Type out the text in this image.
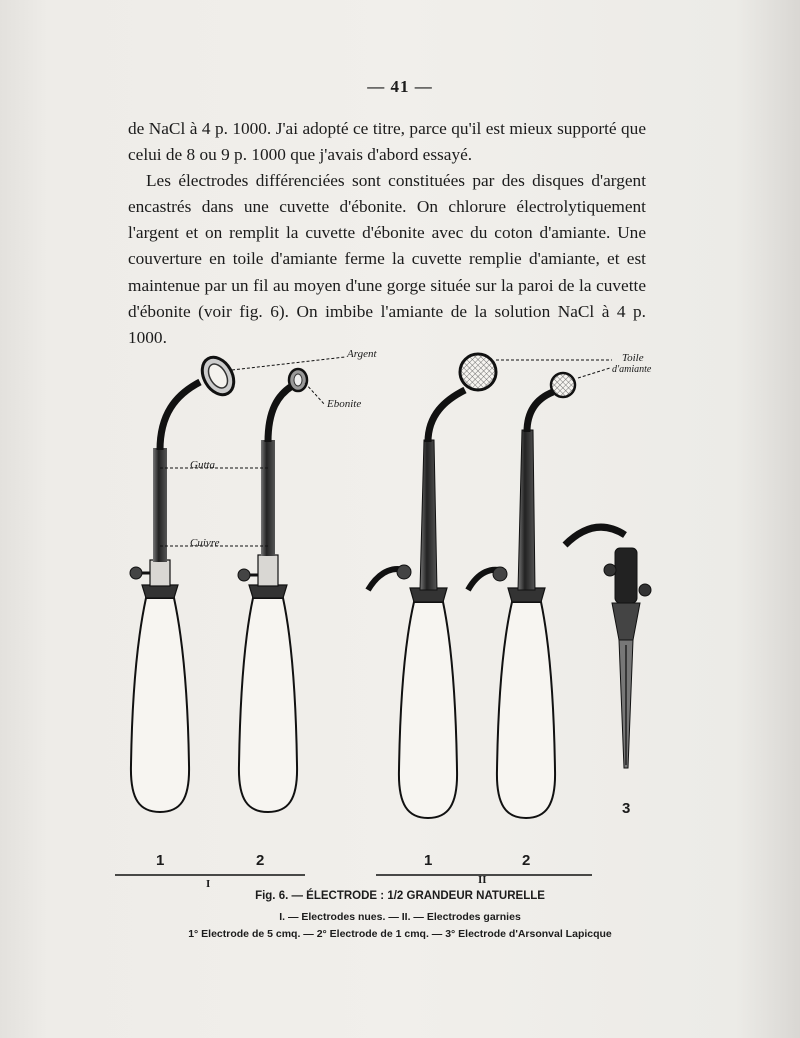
— 41 —

de NaCl à 4 p. 1000. J'ai adopté ce titre, parce qu'il est mieux supporté que celui de 8 ou 9 p. 1000 que j'avais d'abord essayé.

Les électrodes différenciées sont constituées par des disques d'argent encastrés dans une cuvette d'ébonite. On chlorure électrolytiquement l'argent et on remplit la cuvette d'ébonite avec du coton d'amiante. Une couverture en toile d'amiante ferme la cuvette remplie d'amiante, et est maintenue par un fil au moyen d'une gorge située sur la paroi de la cuvette d'ébonite (voir fig. 6). On imbibe l'amiante de la solution NaCl à 4 p. 1000.

Argent
Ebonite
Gutta
Cuivre
Toile
d'amiante
1	2	1	2
3
I	II
Fig. 6. — ÉLECTRODE : 1/2 GRANDEUR NATURELLE
I. — Electrodes nues. — II. — Electrodes garnies
1° Electrode de 5 cmq. — 2° Electrode de 1 cmq. — 3° Electrode d'Arsonval Lapicque
